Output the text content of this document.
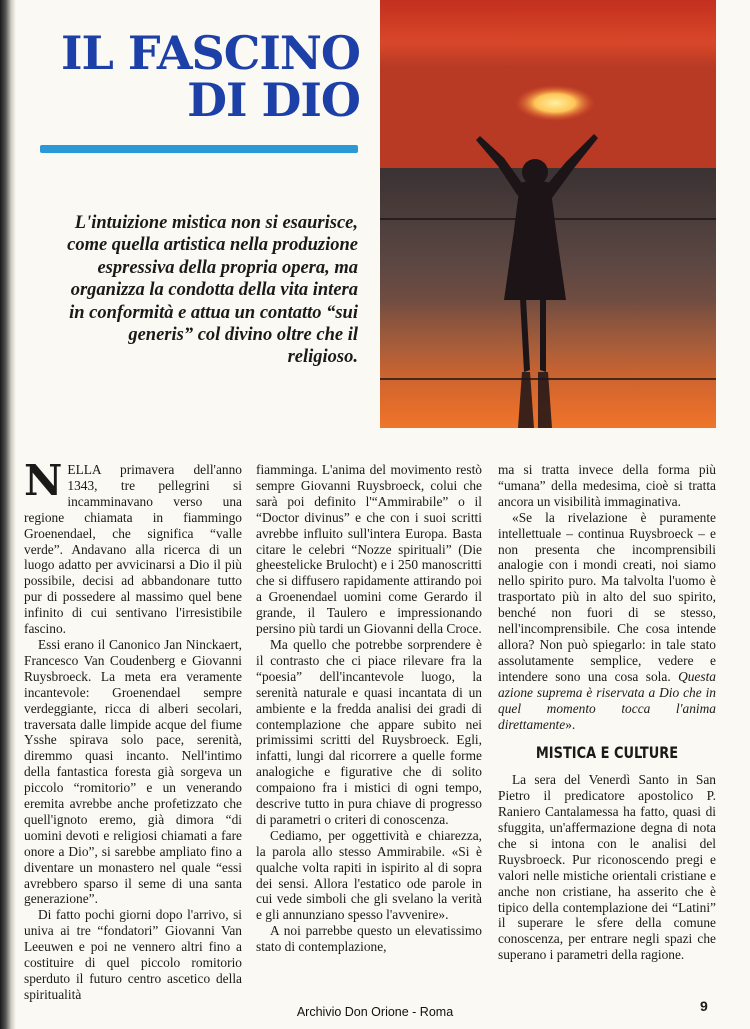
IL FASCINO
DI DIO

L'intuizione mistica non si esaurisce, come quella artistica nella produzione espressiva della propria opera, ma organizza la condotta della vita intera in conformità e attua un contatto “sui generis” col divino oltre che il religioso.

NELLA primavera dell'anno 1343, tre pellegrini si incamminavano verso una regione chiamata in fiammingo Groenendael, che significa “valle verde”. Andavano alla ricerca di un luogo adatto per avvicinarsi a Dio il più possibile, decisi ad abbandonare tutto pur di possedere al massimo quel bene infinito di cui sentivano l'irresistibile fascino.

Essi erano il Canonico Jan Ninckaert, Francesco Van Coudenberg e Giovanni Ruysbroeck. La meta era veramente incantevole: Groenendael sempre verdeggiante, ricca di alberi secolari, traversata dalle limpide acque del fiume Ysshe spirava solo pace, serenità, diremmo quasi incanto. Nell'intimo della fantastica foresta già sorgeva un piccolo “romitorio” e un venerando eremita avrebbe anche profetizzato che quell'ignoto eremo, già dimora “di uomini devoti e religiosi chiamati a fare onore a Dio”, si sarebbe ampliato fino a diventare un monastero nel quale “essi avrebbero sparso il seme di una santa generazione”.

Di fatto pochi giorni dopo l'arrivo, si univa ai tre “fondatori” Giovanni Van Leeuwen e poi ne vennero altri fino a costituire di quel piccolo romitorio sperduto il futuro centro ascetico della spiritualità

fiamminga. L'anima del movimento restò sempre Giovanni Ruysbroeck, colui che sarà poi definito l'“Ammirabile” o il “Doctor divinus” e che con i suoi scritti avrebbe influito sull'intera Europa. Basta citare le celebri “Nozze spirituali” (Die gheestelicke Brulocht) e i 250 manoscritti che si diffusero rapidamente attirando poi a Groenendael uomini come Gerardo il grande, il Taulero e impressionando persino più tardi un Giovanni della Croce.

Ma quello che potrebbe sorprendere è il contrasto che ci piace rilevare fra la “poesia” dell'incantevole luogo, la serenità naturale e quasi incantata di un ambiente e la fredda analisi dei gradi di contemplazione che appare subito nei primissimi scritti del Ruysbroeck. Egli, infatti, lungi dal ricorrere a quelle forme analogiche e figurative che di solito compaiono fra i mistici di ogni tempo, descrive tutto in pura chiave di progresso di parametri o criteri di conoscenza.

Cediamo, per oggettività e chiarezza, la parola allo stesso Ammirabile. «Si è qualche volta rapiti in ispirito al di sopra dei sensi. Allora l'estatico ode parole in cui vede simboli che gli svelano la verità e gli annunziano spesso l'avvenire».

A noi parrebbe questo un elevatissimo stato di contemplazione,

ma si tratta invece della forma più “umana” della medesima, cioè si tratta ancora un visibilità immaginativa.

«Se la rivelazione è puramente intellettuale – continua Ruysbroeck – e non presenta che incomprensibili analogie con i mondi creati, noi siamo nello spirito puro. Ma talvolta l'uomo è trasportato più in alto del suo spirito, benché non fuori di se stesso, nell'incomprensibile. Che cosa intende allora? Non può spiegarlo: in tale stato assolutamente semplice, vedere e intendere sono una cosa sola. Questa azione suprema è riservata a Dio che in quel momento tocca l'anima direttamente».

MISTICA E CULTURE

La sera del Venerdì Santo in San Pietro il predicatore apostolico P. Raniero Cantalamessa ha fatto, quasi di sfuggita, un'affermazione degna di nota che si intona con le analisi del Ruysbroeck. Pur riconoscendo pregi e valori nelle mistiche orientali cristiane e anche non cristiane, ha asserito che è tipico della contemplazione dei “Latini” il superare le sfere della comune conoscenza, per entrare negli spazi che superano i parametri della ragione.

Archivio Don Orione - Roma	9
